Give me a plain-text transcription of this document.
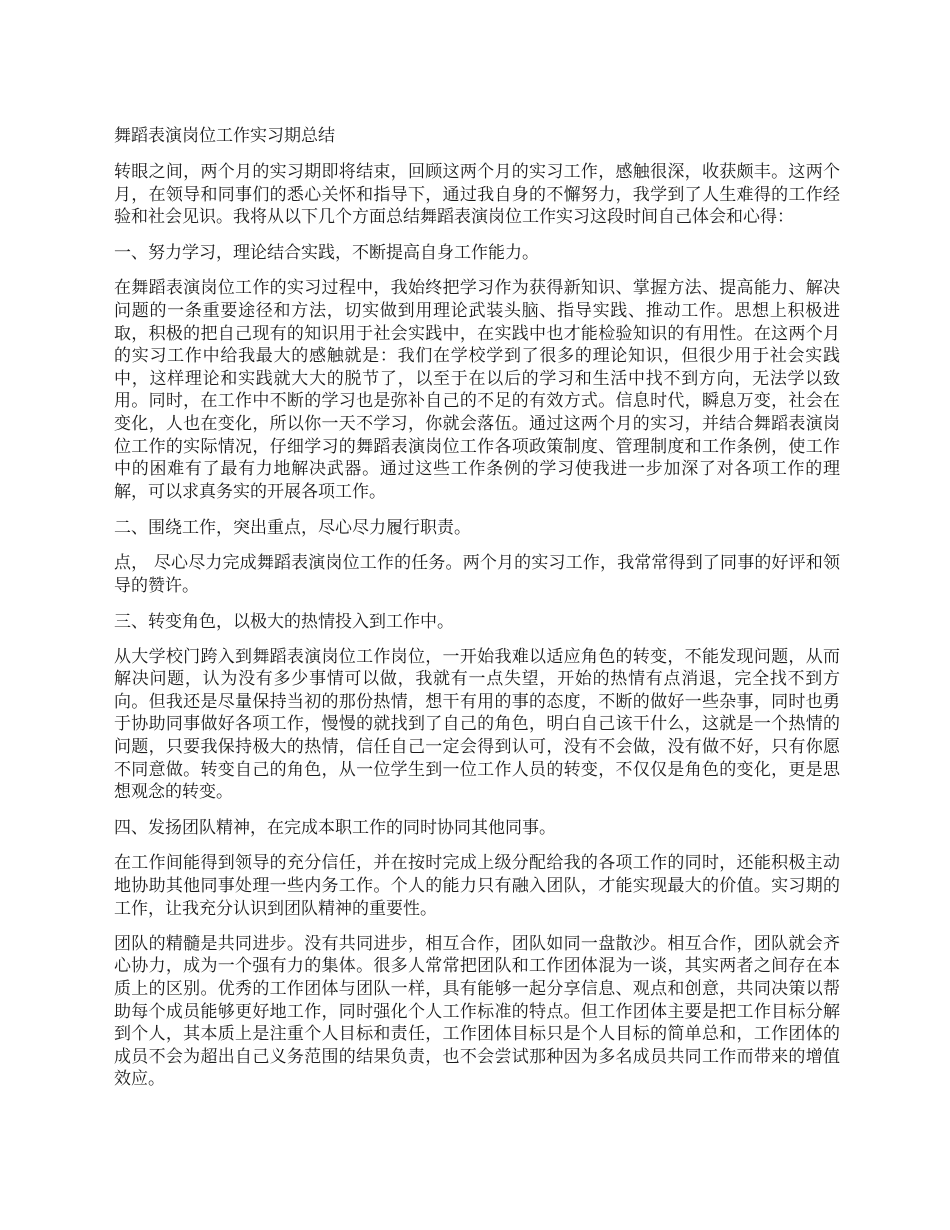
舞蹈表演岗位工作实习期总结

转眼之间，两个月的实习期即将结束，回顾这两个月的实习工作，感触很深，收获颇丰。这两个月，在领导和同事们的悉心关怀和指导下，通过我自身的不懈努力，我学到了人生难得的工作经验和社会见识。我将从以下几个方面总结舞蹈表演岗位工作实习这段时间自己体会和心得：

一、努力学习，理论结合实践，不断提高自身工作能力。

在舞蹈表演岗位工作的实习过程中，我始终把学习作为获得新知识、掌握方法、提高能力、解决问题的一条重要途径和方法，切实做到用理论武装头脑、指导实践、推动工作。思想上积极进取，积极的把自己现有的知识用于社会实践中，在实践中也才能检验知识的有用性。在这两个月的实习工作中给我最大的感触就是：我们在学校学到了很多的理论知识，但很少用于社会实践中，这样理论和实践就大大的脱节了，以至于在以后的学习和生活中找不到方向，无法学以致用。同时，在工作中不断的学习也是弥补自己的不足的有效方式。信息时代，瞬息万变，社会在变化，人也在变化，所以你一天不学习，你就会落伍。通过这两个月的实习，并结合舞蹈表演岗位工作的实际情况，仔细学习的舞蹈表演岗位工作各项政策制度、管理制度和工作条例，使工作中的困难有了最有力地解决武器。通过这些工作条例的学习使我进一步加深了对各项工作的理解，可以求真务实的开展各项工作。

二、围绕工作，突出重点，尽心尽力履行职责。

点， 尽心尽力完成舞蹈表演岗位工作的任务。两个月的实习工作，我常常得到了同事的好评和领导的赞许。

三、转变角色，以极大的热情投入到工作中。

从大学校门跨入到舞蹈表演岗位工作岗位，一开始我难以适应角色的转变，不能发现问题，从而解决问题，认为没有多少事情可以做，我就有一点失望，开始的热情有点消退，完全找不到方向。但我还是尽量保持当初的那份热情，想干有用的事的态度，不断的做好一些杂事，同时也勇于协助同事做好各项工作，慢慢的就找到了自己的角色，明白自己该干什么，这就是一个热情的问题，只要我保持极大的热情，信任自己一定会得到认可，没有不会做，没有做不好，只有你愿不同意做。转变自己的角色，从一位学生到一位工作人员的转变，不仅仅是角色的变化，更是思想观念的转变。

四、发扬团队精神，在完成本职工作的同时协同其他同事。

在工作间能得到领导的充分信任，并在按时完成上级分配给我的各项工作的同时，还能积极主动地协助其他同事处理一些内务工作。个人的能力只有融入团队，才能实现最大的价值。实习期的工作，让我充分认识到团队精神的重要性。

团队的精髓是共同进步。没有共同进步，相互合作，团队如同一盘散沙。相互合作，团队就会齐心协力，成为一个强有力的集体。很多人常常把团队和工作团体混为一谈，其实两者之间存在本质上的区别。优秀的工作团体与团队一样，具有能够一起分享信息、观点和创意，共同决策以帮助每个成员能够更好地工作，同时强化个人工作标准的特点。但工作团体主要是把工作目标分解到个人，其本质上是注重个人目标和责任，工作团体目标只是个人目标的简单总和，工作团体的成员不会为超出自己义务范围的结果负责，也不会尝试那种因为多名成员共同工作而带来的增值效应。
